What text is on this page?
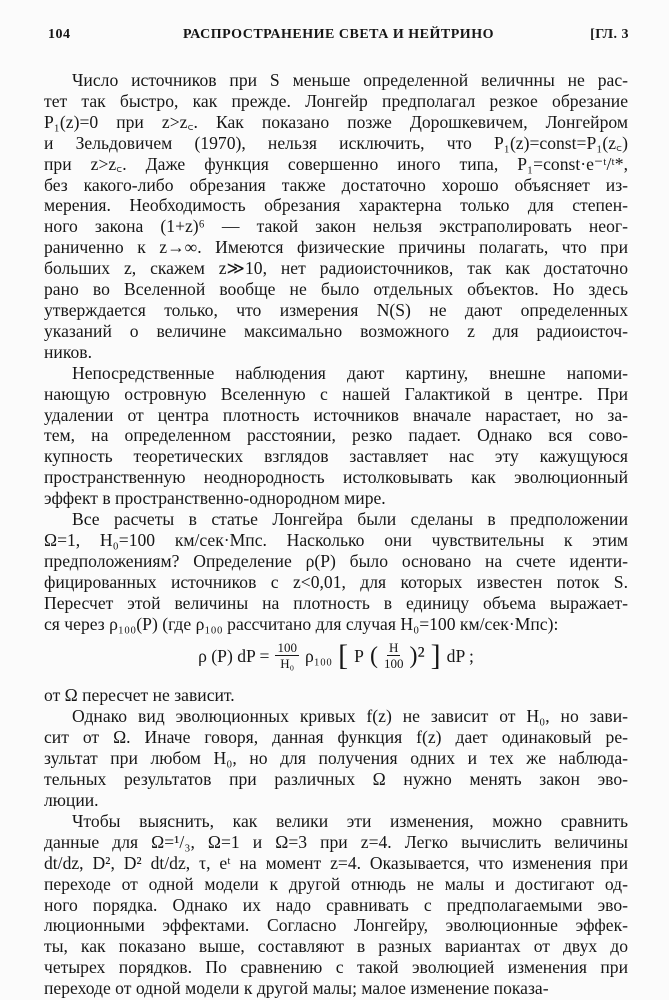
104	РАСПРОСТРАНЕНИЕ СВЕТА И НЕЙТРИНО	[ГЛ. 3
Число источников при S меньше определенной величнны не рас-
тет так быстро, как прежде. Лонгейр предполагал резкое обрезание
P₁(z)=0 при z>z꜀. Как показано позже Дорошкевичем, Лонгейром
и Зельдовичем (1970), нельзя исключить, что P₁(z)=const=P₁(z꜀)
при z>z꜀. Даже функция совершенно иного типа, P₁=const·e⁻ᵗ/ᵗ*,
без какого-либо обрезания также достаточно хорошо объясняет из-
мерения. Необходимость обрезания характерна только для степен-
ного закона (1+z)⁶ — такой закон нельзя экстраполировать неог-
раниченно к z→∞. Имеются физические причины полагать, что при
больших z, скажем z≫10, нет радиоисточников, так как достаточно
рано во Вселенной вообще не было отдельных объектов. Но здесь
утверждается только, что измерения N(S) не дают определенных
указаний о величине максимально возможного z для радиоисточ-
ников.
Непосредственные наблюдения дают картину, внешне напоми-
нающую островную Вселенную с нашей Галактикой в центре. При
удалении от центра плотность источников вначале нарастает, но за-
тем, на определенном расстоянии, резко падает. Однако вся сово-
купность теоретических взглядов заставляет нас эту кажущуюся
пространственную неоднородность истолковывать как эволюционный
эффект в пространственно-однородном мире.
Все расчеты в статье Лонгейра были сделаны в предположении
Ω=1, H₀=100 км/сек·Мпс. Насколько они чувствительны к этим
предположениям? Определение ρ(P) было основано на счете иденти-
фицированных источников с z<0,01, для которых известен поток S.
Пересчет этой величины на плотность в единицу объема выражает-
ся через ρ₁₀₀(P) (где ρ₁₀₀ рассчитано для случая H₀=100 км/сек·Мпс):
ρ (P) dP = $\frac{100}{\text{H₀}} \rho_{100}$ [ P ( $\frac{H}{100} )^2$ ] dP ;
от Ω пересчет не зависит.
Однако вид эволюционных кривых f(z) не зависит от H₀, но зави-
сит от Ω. Иначе говоря, данная функция f(z) дает одинаковый ре-
зультат при любом H₀, но для получения одних и тех же наблюда-
тельных результатов при различных Ω нужно менять закон эво-
люции.
Чтобы выяснить, как велики эти изменения, можно сравнить
данные для Ω=¹/₃, Ω=1 и Ω=3 при z=4. Легко вычислить величины
dt/dz, D², D² dt/dz, τ, eᵗ на момент z=4. Оказывается, что изменения при
переходе от одной модели к другой отнюдь не малы и достигают од-
ного порядка. Однако их надо сравнивать с предполагаемыми эво-
люционными эффектами. Согласно Лонгейру, эволюционные эффек-
ты, как показано выше, составляют в разных вариантах от двух до
четырех порядков. По сравнению с такой эволюцией изменения при
переходе от одной модели к другой малы; малое изменение показа-
